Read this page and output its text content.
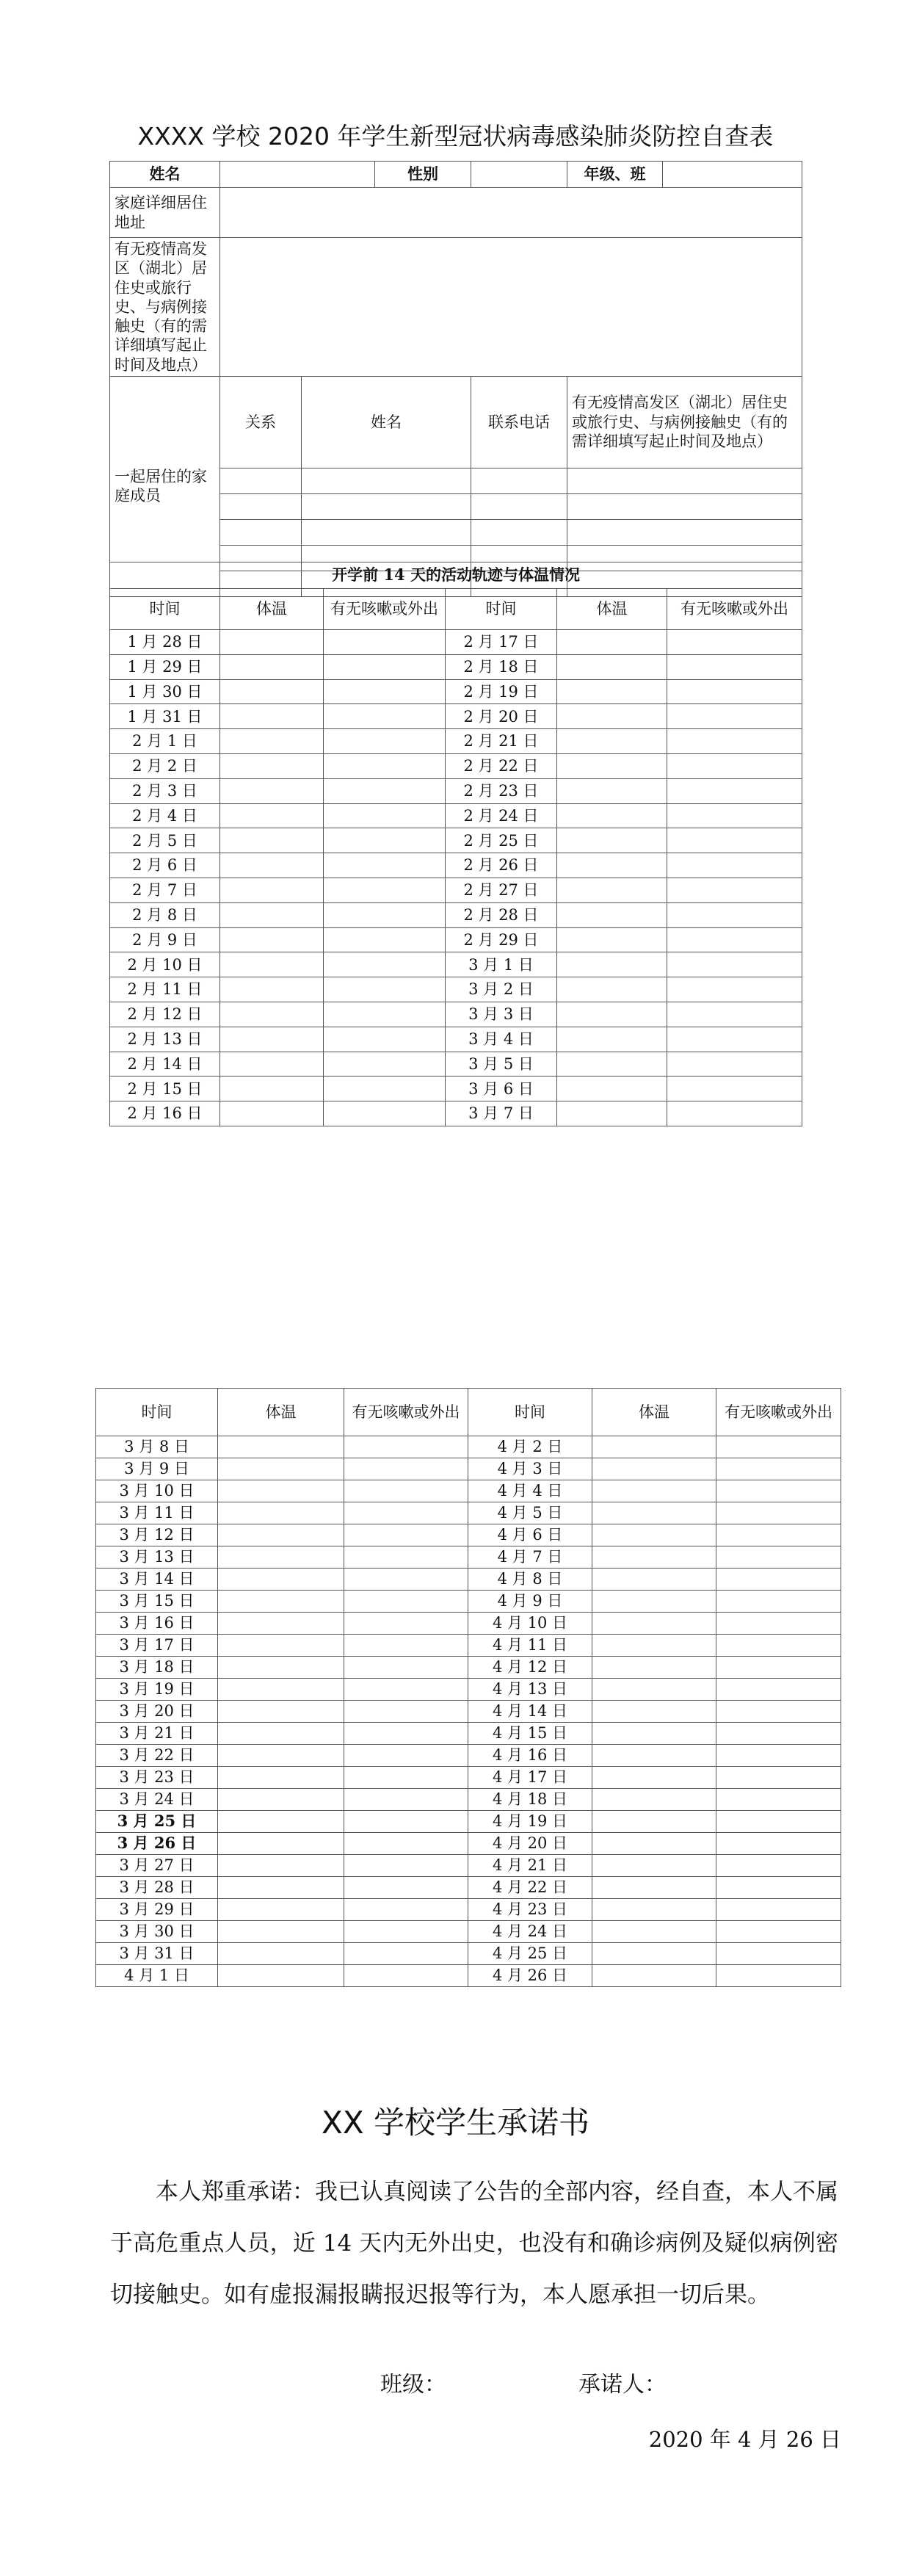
XXXX 学校 2020 年学生新型冠状病毒感染肺炎防控自查表
姓名			性别		年级、班	
家庭详细居住地址						
有无疫情高发区（湖北）居住史或旅行史、与病例接触史（有的需详细填写起止时间及地点）						
一起居住的家庭成员	关系	姓名		联系电话	有无疫情高发区（湖北）居住史或旅行史、与病例接触史（有的需详细填写起止时间及地点）	

开学前 14 天的活动轨迹与体温情况					
时间	体温	有无咳嗽或外出	时间	体温	有无咳嗽或外出
1 月 28 日			2 月 17 日		
1 月 29 日			2 月 18 日		
1 月 30 日			2 月 19 日		
1 月 31 日			2 月 20 日		
2 月 1 日			2 月 21 日		
2 月 2 日			2 月 22 日		
2 月 3 日			2 月 23 日		
2 月 4 日			2 月 24 日		
2 月 5 日			2 月 25 日		
2 月 6 日			2 月 26 日		
2 月 7 日			2 月 27 日		
2 月 8 日			2 月 28 日		
2 月 9 日			2 月 29 日		
2 月 10 日			3 月 1 日		
2 月 11 日			3 月 2 日		
2 月 12 日			3 月 3 日		
2 月 13 日			3 月 4 日		
2 月 14 日			3 月 5 日		
2 月 15 日			3 月 6 日		
2 月 16 日			3 月 7 日		
时间	体温	有无咳嗽或外出	时间	体温	有无咳嗽或外出
3 月 8 日			4 月 2 日		
3 月 9 日			4 月 3 日		
3 月 10 日			4 月 4 日		
3 月 11 日			4 月 5 日		
3 月 12 日			4 月 6 日		
3 月 13 日			4 月 7 日		
3 月 14 日			4 月 8 日		
3 月 15 日			4 月 9 日		
3 月 16 日			4 月 10 日		
3 月 17 日			4 月 11 日		
3 月 18 日			4 月 12 日		
3 月 19 日			4 月 13 日		
3 月 20 日			4 月 14 日		
3 月 21 日			4 月 15 日		
3 月 22 日			4 月 16 日		
3 月 23 日			4 月 17 日		
3 月 24 日			4 月 18 日		
3 月 25 日			4 月 19 日		
3 月 26 日			4 月 20 日		
3 月 27 日			4 月 21 日		
3 月 28 日			4 月 22 日		
3 月 29 日			4 月 23 日		
3 月 30 日			4 月 24 日		
3 月 31 日			4 月 25 日		
4 月 1 日			4 月 26 日		
XX 学校学生承诺书
本人郑重承诺：我已认真阅读了公告的全部内容，经自查，本人不属于高危重点人员，近 14 天内无外出史，也没有和确诊病例及疑似病例密切接触史。如有虚报漏报瞒报迟报等行为，本人愿承担一切后果。
班级：	承诺人：
2020 年 4 月 26 日
